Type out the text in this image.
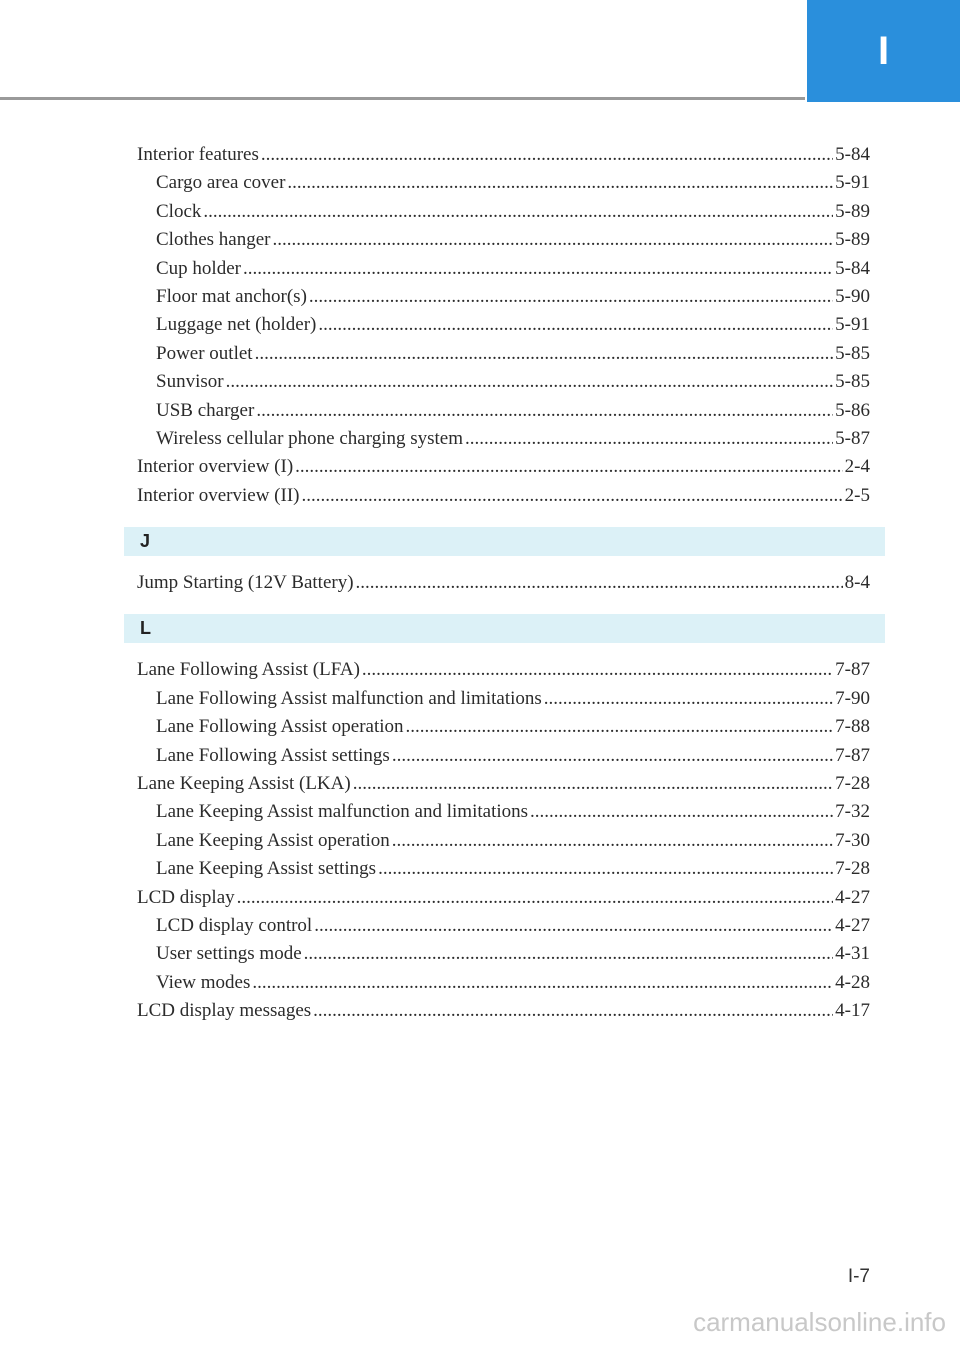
I
Interior features .....	5-84
Cargo area cover .....	5-91
Clock .....	5-89
Clothes hanger .....	5-89
Cup holder .....	5-84
Floor mat anchor(s) .....	5-90
Luggage net (holder) .....	5-91
Power outlet .....	5-85
Sunvisor .....	5-85
USB charger .....	5-86
Wireless cellular phone charging system .....	5-87
Interior overview (I) .....	2-4
Interior overview (II) .....	2-5
J
Jump Starting (12V Battery) .....	8-4
L
Lane Following Assist (LFA) .....	7-87
Lane Following Assist malfunction and limitations .....	7-90
Lane Following Assist operation .....	7-88
Lane Following Assist settings .....	7-87
Lane Keeping Assist (LKA) .....	7-28
Lane Keeping Assist malfunction and limitations .....	7-32
Lane Keeping Assist operation .....	7-30
Lane Keeping Assist settings .....	7-28
LCD display .....	4-27
LCD display control .....	4-27
User settings mode .....	4-31
View modes .....	4-28
LCD display messages .....	4-17
I-7
carmanualsonline.info
